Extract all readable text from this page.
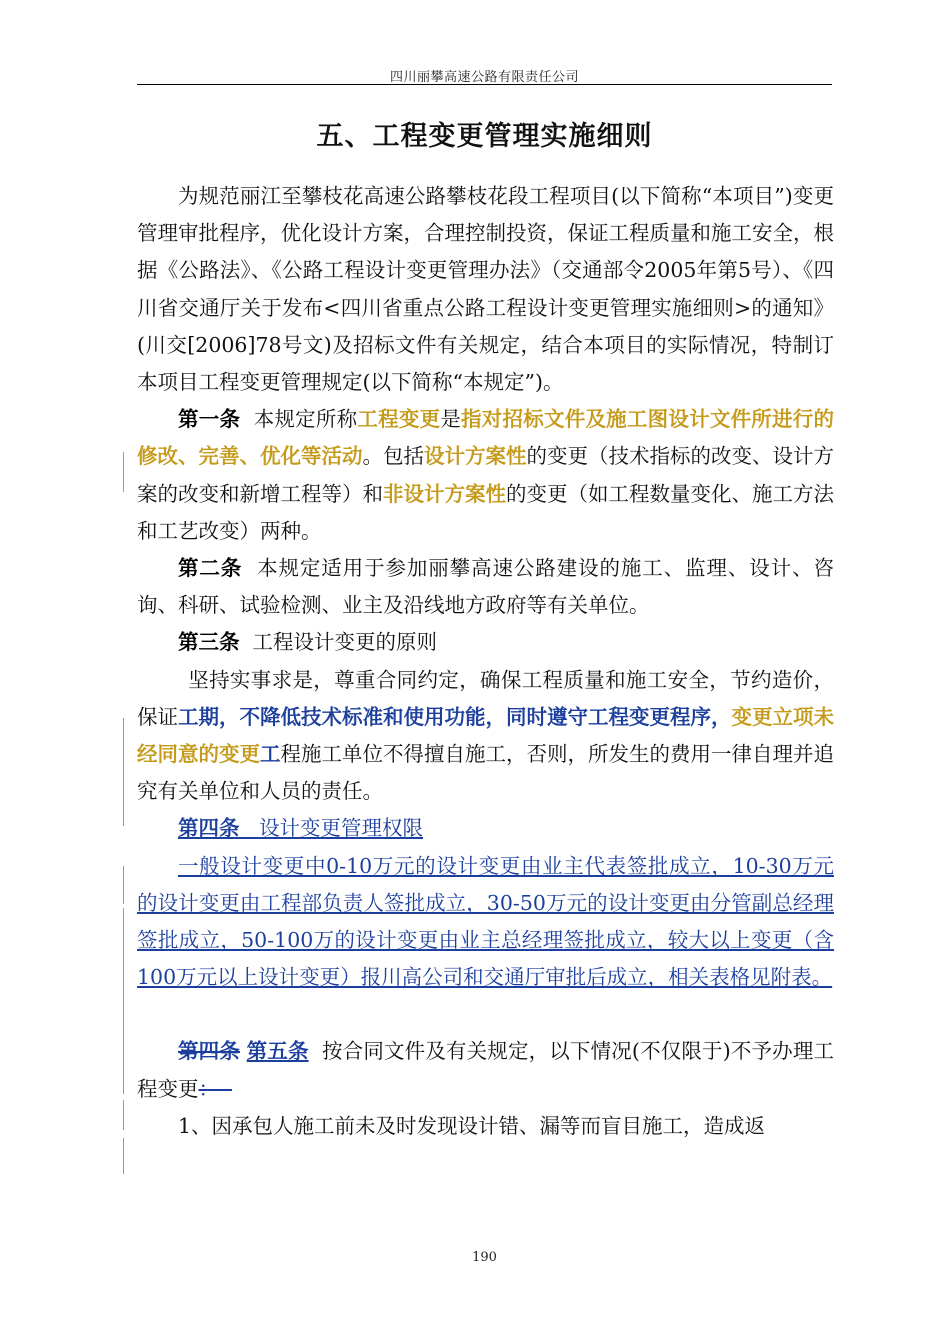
四川丽攀高速公路有限责任公司
五、工程变更管理实施细则

为规范丽江至攀枝花高速公路攀枝花段工程项目(以下简称“本项目”)变更管理审批程序，优化设计方案，合理控制投资，保证工程质量和施工安全，根据《公路法》、《公路工程设计变更管理办法》（交通部令2005年第5号）、《四川省交通厅关于发布<四川省重点公路工程设计变更管理实施细则>的通知》(川交[2006]78号文)及招标文件有关规定，结合本项目的实际情况，特制订本项目工程变更管理规定(以下简称“本规定”)。

第一条 本规定所称工程变更是指对招标文件及施工图设计文件所进行的修改、完善、优化等活动。包括设计方案性的变更（技术指标的改变、设计方案的改变和新增工程等）和非设计方案性的变更（如工程数量变化、施工方法和工艺改变）两种。

第二条 本规定适用于参加丽攀高速公路建设的施工、监理、设计、咨询、科研、试验检测、业主及沿线地方政府等有关单位。

第三条 工程设计变更的原则

坚持实事求是，尊重合同约定，确保工程质量和施工安全，节约造价，保证工期，不降低技术标准和使用功能，同时遵守工程变更程序，变更立项未经同意的变更工程施工单位不得擅自施工，否则，所发生的费用一律自理并追究有关单位和人员的责任。

第四条 设计变更管理权限

一般设计变更中0-10万元的设计变更由业主代表签批成立，10-30万元的设计变更由工程部负责人签批成立，30-50万元的设计变更由分管副总经理签批成立，50-100万的设计变更由业主总经理签批成立，较大以上变更（含100万元以上设计变更）报川高公司和交通厅审批后成立，相关表格见附表。

第四条 第五条 按合同文件及有关规定，以下情况(不仅限于)不予办理工程变更：

1、因承包人施工前未及时发现设计错、漏等而盲目施工，造成返

190
